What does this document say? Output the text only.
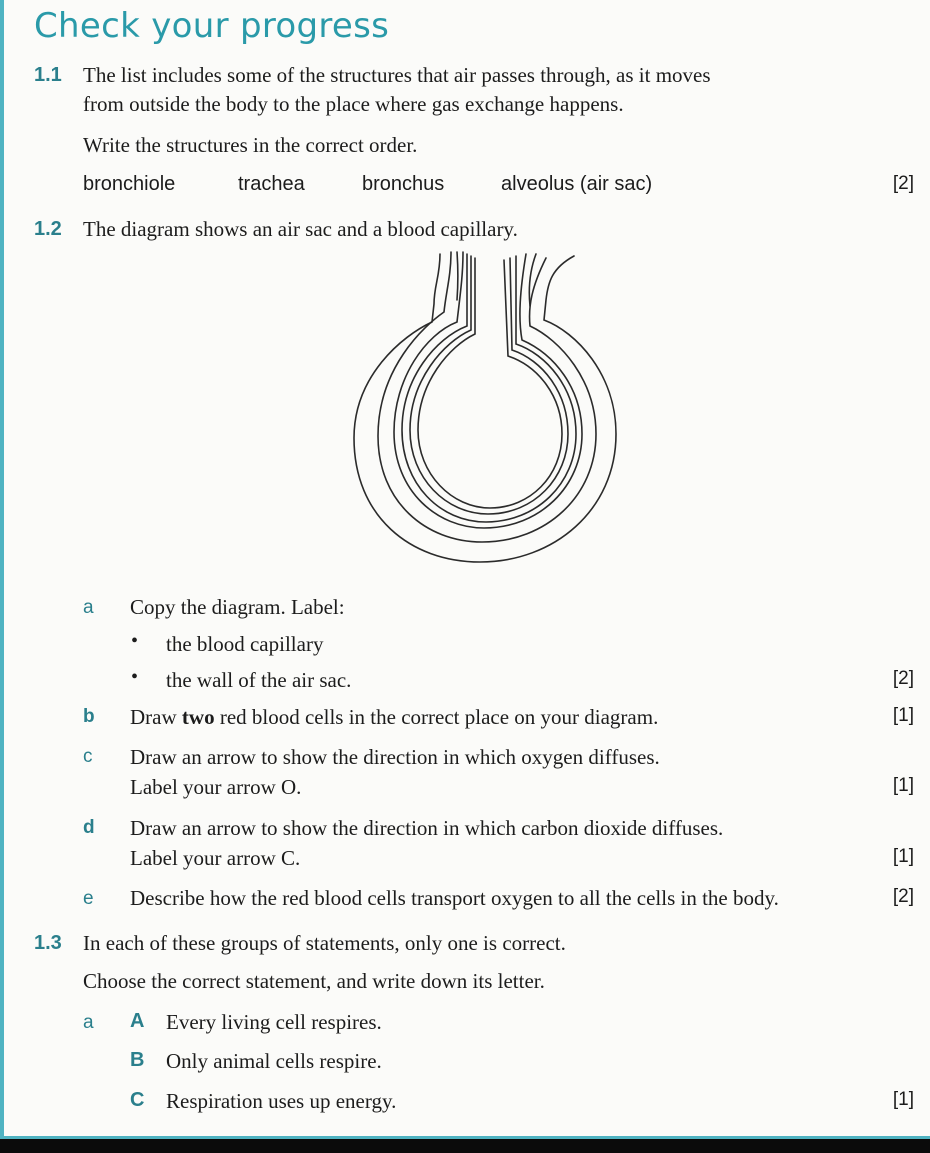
Check your progress
1.1 The list includes some of the structures that air passes through, as it moves
from outside the body to the place where gas exchange happens.
Write the structures in the correct order.
bronchiole	trachea	bronchus	alveolus (air sac)	[2]
1.2 The diagram shows an air sac and a blood capillary.
a Copy the diagram. Label:
• the blood capillary
• the wall of the air sac.	[2]
b Draw two red blood cells in the correct place on your diagram.	[1]
c Draw an arrow to show the direction in which oxygen diffuses.
Label your arrow O.	[1]
d Draw an arrow to show the direction in which carbon dioxide diffuses.
Label your arrow C.	[1]
e Describe how the red blood cells transport oxygen to all the cells in the body.	[2]
1.3 In each of these groups of statements, only one is correct.
Choose the correct statement, and write down its letter.
a A Every living cell respires.
B Only animal cells respire.
C Respiration uses up energy.	[1]
